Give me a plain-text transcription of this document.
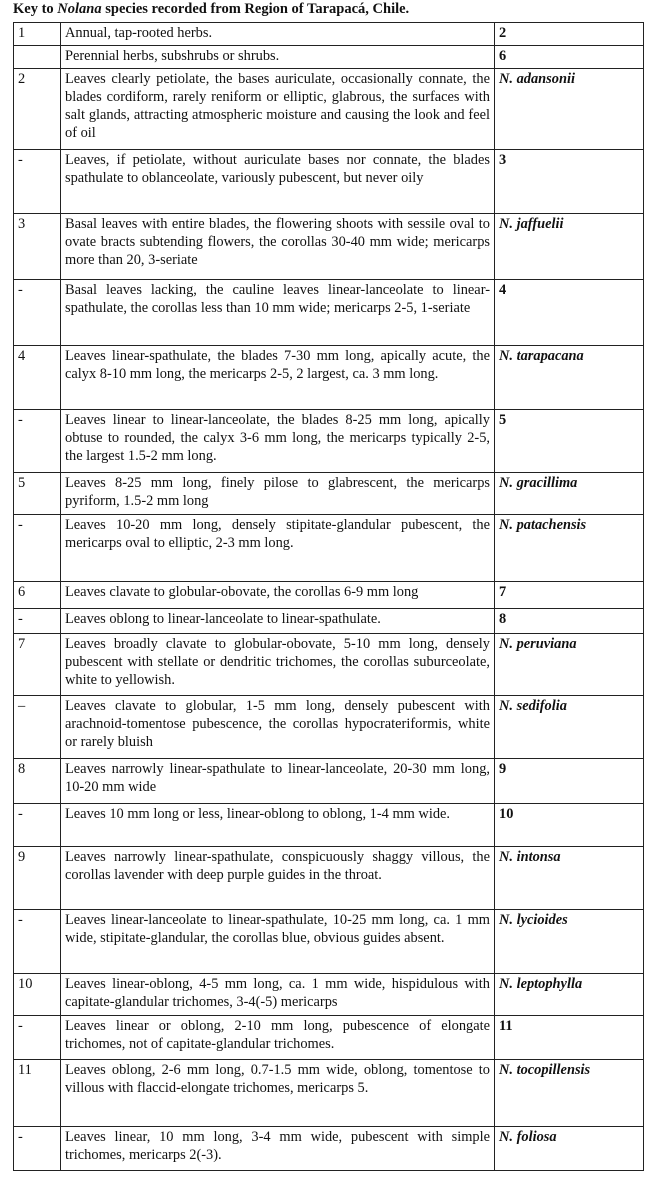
Key to Nolana species recorded from Region of Tarapacá, Chile.
1	Annual, tap-rooted herbs.	2
	Perennial herbs, subshrubs or shrubs.	6
2	Leaves clearly petiolate, the bases auriculate, occasionally connate, the blades cordiform, rarely reniform or elliptic, glabrous, the surfaces with salt glands, attracting atmospheric moisture and causing the look and feel of oil	N. adansonii
-	Leaves, if petiolate, without auriculate bases nor connate, the blades spathulate to oblanceolate, variously pubescent, but never oily	3
3	Basal leaves with entire blades, the flowering shoots with sessile oval to ovate bracts subtending flowers, the corollas 30-40 mm wide; mericarps more than 20, 3-seriate	N. jaffuelii
-	Basal leaves lacking, the cauline leaves linear-lanceolate to linear-spathulate, the corollas less than 10 mm wide; mericarps 2-5, 1-seriate	4
4	Leaves linear-spathulate, the blades 7-30 mm long, apically acute, the calyx 8-10 mm long, the mericarps 2-5, 2 largest, ca. 3 mm long.	N. tarapacana
-	Leaves linear to linear-lanceolate, the blades 8-25 mm long, apically obtuse to rounded, the calyx 3-6 mm long, the mericarps typically 2-5, the largest 1.5-2 mm long.	5
5	Leaves 8-25 mm long, finely pilose to glabrescent, the mericarps pyriform, 1.5-2 mm long	N. gracillima
-	Leaves 10-20 mm long, densely stipitate-glandular pubescent, the mericarps oval to elliptic, 2-3 mm long.	N. patachensis
6	Leaves clavate to globular-obovate, the corollas 6-9 mm long	7
-	Leaves oblong to linear-lanceolate to linear-spathulate.	8
7	Leaves broadly clavate to globular-obovate, 5-10 mm long, densely pubescent with stellate or dendritic trichomes, the corollas suburceolate, white to yellowish.	N. peruviana
–	Leaves clavate to globular, 1-5 mm long, densely pubescent with arachnoid-tomentose pubescence, the corollas hypocrateriformis, white or rarely bluish	N. sedifolia
8	Leaves narrowly linear-spathulate to linear-lanceolate, 20-30 mm long, 10-20 mm wide	9
-	Leaves 10 mm long or less, linear-oblong to oblong, 1-4 mm wide.	10
9	Leaves narrowly linear-spathulate, conspicuously shaggy villous, the corollas lavender with deep purple guides in the throat.	N. intonsa
-	Leaves linear-lanceolate to linear-spathulate, 10-25 mm long, ca. 1 mm wide, stipitate-glandular, the corollas blue, obvious guides absent.	N. lycioides
10	Leaves linear-oblong, 4-5 mm long, ca. 1 mm wide, hispidulous with capitate-glandular trichomes, 3-4(-5) mericarps	N. leptophylla
-	Leaves linear or oblong, 2-10 mm long, pubescence of elongate trichomes, not of capitate-glandular trichomes.	11
11	Leaves oblong, 2-6 mm long, 0.7-1.5 mm wide, oblong, tomentose to villous with flaccid-elongate trichomes, mericarps 5.	N. tocopillensis
-	Leaves linear, 10 mm long, 3-4 mm wide, pubescent with simple trichomes, mericarps 2(-3).	N. foliosa
